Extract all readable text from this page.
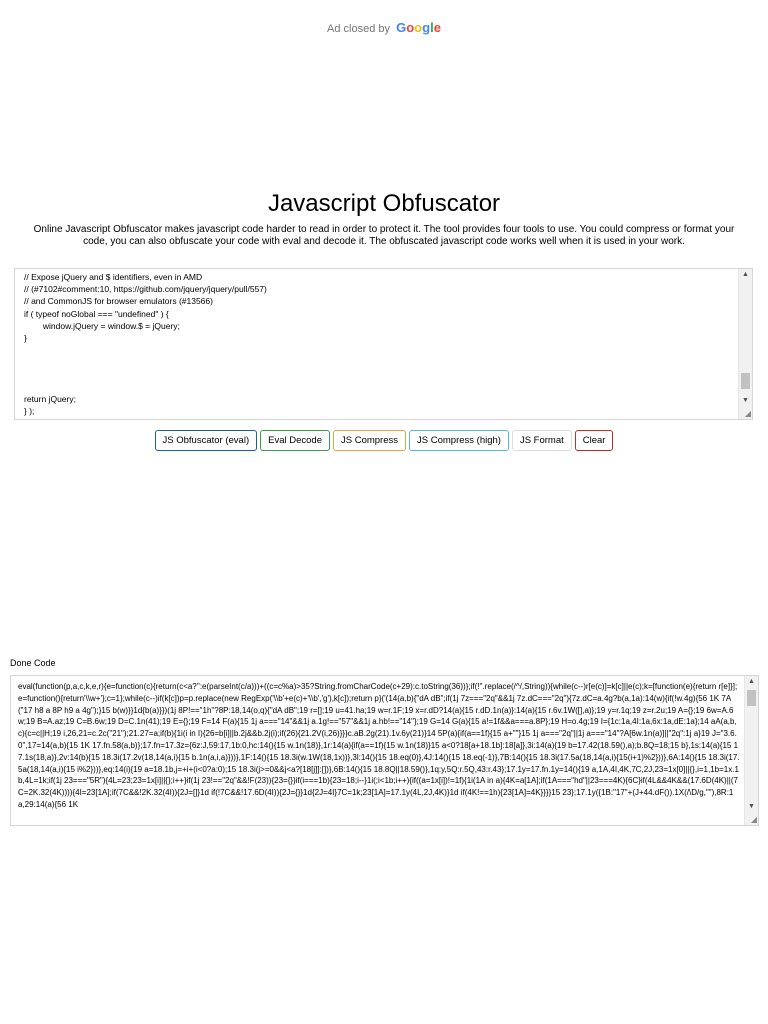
Ad closed by Google
Javascript Obfuscator

Online Javascript Obfuscator makes javascript code harder to read in order to protect it. The tool provides four tools to use. You could compress or format your code, you can also obfuscate your code with eval and decode it. The obfuscated javascript code works well when it is used in your work.

// Expose jQuery and $ identifiers, even in AMD
// (#7102#comment:10, https://github.com/jquery/jquery/pull/557)
// and CommonJS for browser emulators (#13566)
if ( typeof noGlobal === "undefined" ) {
window.jQuery = window.$ = jQuery;
}

return jQuery;
} );
▲
▼
◢
JS Obfuscator (eval) Eval Decode JS Compress JS Compress (high) JS Format Clear
Done Code
eval(function(p,a,c,k,e,r){e=function(c){return(c<a?'':e(parseInt(c/a)))+((c=c%a)>35?String.fromCharCode(c+29):c.toString(36))};if(!''.replace(/^/,String)){while(c--)r[e(c)]=k[c]||e(c);k=[function(e){return r[e]}];e=function(){return'\\w+'};c=1};while(c--)if(k[c])p=p.replace(new RegExp('\\b'+e(c)+'\\b','g'),k[c]);return p}('(14(a,b){"dA dB";if(1j 7z==="2q"&&1j 7z.dC==="2q"){7z.dC=a.4g?b(a,1a):14(w){if(!w.4g){56 1K 7A("17 h8 a 8P h9 a 4g");}15 b(w)}}1d{b(a)}})(1j 8P!=="1h"?8P:18,14(o,q){"dA dB";19 r=[];19 u=41.ha;19 w=r.1F;19 x=r.dD?14(a){15 r.dD.1n(a)}:14(a){15 r.6v.1W([],a)};19 y=r.1q;19 z=r.2u;19 A={};19 6w=A.6w;19 B=A.az;19 C=B.6w;19 D=C.1n(41);19 E={};19 F=14 F(a){15 1j a==="14"&&1j a.1g!=="57"&&1j a.hb!=="14"};19 G=14 G(a){15 a!=1f&&a===a.8P};19 H=o.4g;19 I={1c:1a,4I:1a,6x:1a,dE:1a};14 aA(a,b,c){c=c||H;19 i,26,21=c.2c("21");21.27=a;if(b){1i(i in I){26=b[i]||b.2j&&b.2j(i);if(26){21.2V(i,26)}}}c.aB.2g(21).1v.6y(21)}14 5P(a){if(a==1f){15 a+""}15 1j a==="2q"||1j a==="14"?A[6w.1n(a)]||"2q":1j a}19 J="3.6.0",17=14(a,b){15 1K 17.fn.58(a,b)};17.fn=17.3z={6z:J,59:17,1b:0,hc:14(){15 w.1n(18)},1r:14(a){if(a==1f){15 w.1n(18)}15 a<0?18[a+18.1b]:18[a]},3i:14(a){19 b=17.42(18.59(),a);b.8Q=18;15 b},1s:14(a){15 17.1s(18,a)},2v:14(b){15 18.3i(17.2v(18,14(a,i){15 b.1n(a,i,a)}))},1F:14(){15 18.3i(w.1W(18,1x))},3l:14(){15 18.eq(0)},4J:14(){15 18.eq(-1)},7B:14(){15 18.3i(17.5a(18,14(a,i){15(i+1)%2}))},6A:14(){15 18.3i(17.5a(18,14(a,i){15 i%2}))},eq:14(i){19 a=18.1b,j=+i+(i<0?a:0);15 18.3i(j>=0&&j<a?[18[j]]:[])},6B:14(){15 18.8Q||18.59()},1q:y,5Q:r.5Q,43:r.43};17.1y=17.fn.1y=14(){19 a,1A,4I,4K,7C,2J,23=1x[0]||{},i=1,1b=1x.1b,4L=1k;if(1j 23==="5R"){4L=23;23=1x[i]||{};i++}if(1j 23!=="2q"&&!F(23)){23={}}if(i===1b){23=18;i--}1i(;i<1b;i++){if((a=1x[i])!=1f){1i(1A in a){4K=a[1A];if(1A==="hd"||23===4K){6C}if(4L&&4K&&(17.6D(4K)||(7C=2K.32(4K)))){4I=23[1A];if(7C&&!2K.32(4I)){2J=[]}1d if(!7C&&!17.6D(4I)){2J={}}1d{2J=4I}7C=1k;23[1A]=17.1y(4L,2J,4K)}1d if(4K!==1h){23[1A]=4K}}}}15 23};17.1y({1B:"17"+(J+44.dF()).1X(/\D/g,""),8R:1a,29:14(a){56 1K
▲
▼
◢
